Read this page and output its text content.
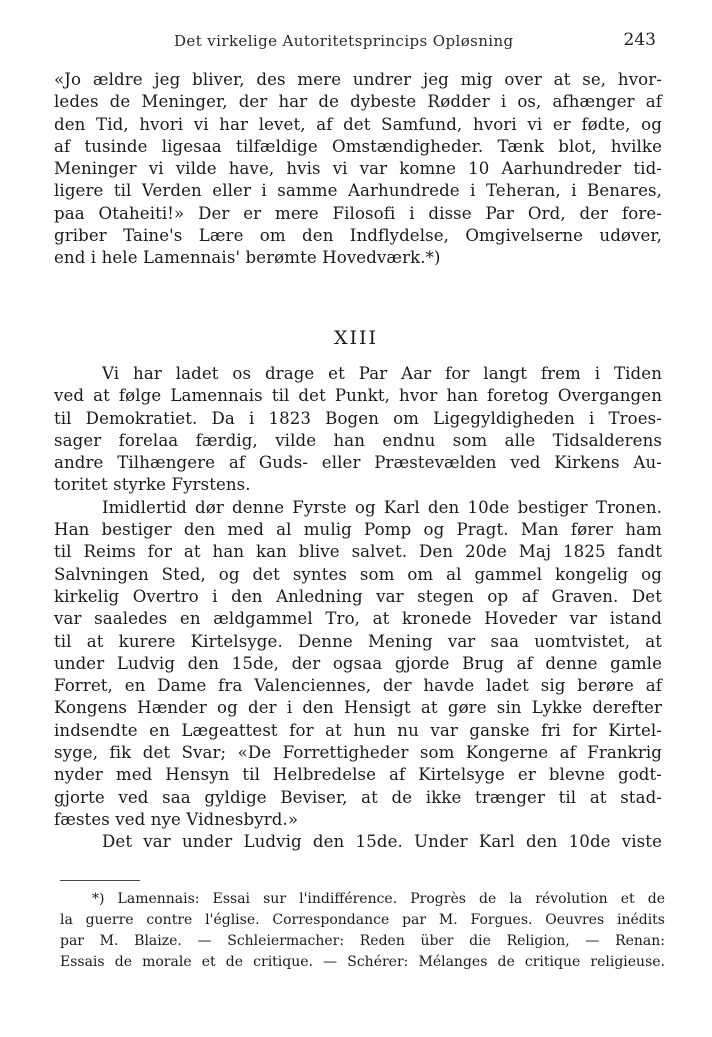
Det virkelige Autoritetsprincips Opløsning	243
«Jo ældre jeg bliver, des mere undrer jeg mig over at se, hvor-
ledes de Meninger, der har de dybeste Rødder i os, afhænger af
den Tid, hvori vi har levet, af det Samfund, hvori vi er fødte, og
af tusinde ligesaa tilfældige Omstændigheder. Tænk blot, hvilke
Meninger vi vilde have, hvis vi var komne 10 Aarhundreder tid-
ligere til Verden eller i samme Aarhundrede i Teheran, i Benares,
paa Otaheiti!» Der er mere Filosofi i disse Par Ord, der fore-
griber Taine's Lære om den Indflydelse, Omgivelserne udøver,
end i hele Lamennais' berømte Hovedværk.*)
XIII
Vi har ladet os drage et Par Aar for langt frem i Tiden
ved at følge Lamennais til det Punkt, hvor han foretog Overgangen
til Demokratiet. Da i 1823 Bogen om Ligegyldigheden i Troes-
sager forelaa færdig, vilde han endnu som alle Tidsalderens
andre Tilhængere af Guds- eller Præstevælden ved Kirkens Au-
toritet styrke Fyrstens.
Imidlertid dør denne Fyrste og Karl den 10de bestiger Tronen.
Han bestiger den med al mulig Pomp og Pragt. Man fører ham
til Reims for at han kan blive salvet. Den 20de Maj 1825 fandt
Salvningen Sted, og det syntes som om al gammel kongelig og
kirkelig Overtro i den Anledning var stegen op af Graven. Det
var saaledes en ældgammel Tro, at kronede Hoveder var istand
til at kurere Kirtelsyge. Denne Mening var saa uomtvistet, at
under Ludvig den 15de, der ogsaa gjorde Brug af denne gamle
Forret, en Dame fra Valenciennes, der havde ladet sig berøre af
Kongens Hænder og der i den Hensigt at gøre sin Lykke derefter
indsendte en Lægeattest for at hun nu var ganske fri for Kirtel-
syge, fik det Svar; «De Forrettigheder som Kongerne af Frankrig
nyder med Hensyn til Helbredelse af Kirtelsyge er blevne godt-
gjorte ved saa gyldige Beviser, at de ikke trænger til at stad-
fæstes ved nye Vidnesbyrd.»
Det var under Ludvig den 15de. Under Karl den 10de viste
*) Lamennais: Essai sur l'indifférence. Progrès de la révolution et de
la guerre contre l'église. Correspondance par M. Forgues. Oeuvres inédits
par M. Blaize. — Schleiermacher: Reden über die Religion, — Renan:
Essais de morale et de critique. — Schérer: Mélanges de critique religieuse.
